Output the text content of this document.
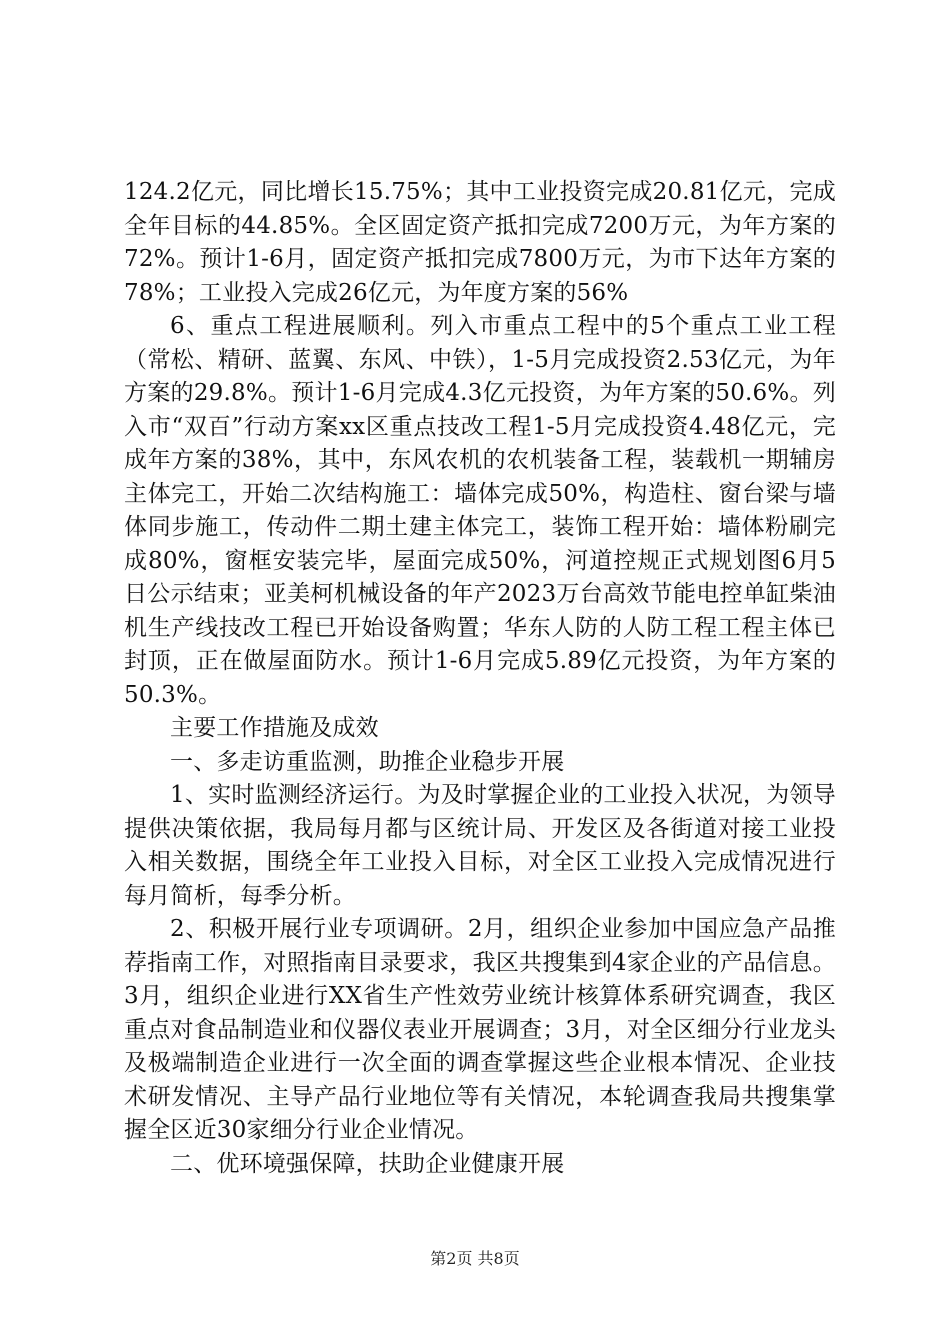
124.2亿元，同比增长15.75%；其中工业投资完成20.81亿元，完成全年目标的44.85%。全区固定资产抵扣完成7200万元，为年方案的72%。预计1-6月，固定资产抵扣完成7800万元，为市下达年方案的78%；工业投入完成26亿元，为年度方案的56%

6、重点工程进展顺利。列入市重点工程中的5个重点工业工程（常松、精研、蓝翼、东风、中铁），1-5月完成投资2.53亿元，为年方案的29.8%。预计1-6月完成4.3亿元投资，为年方案的50.6%。列入市“双百”行动方案xx区重点技改工程1-5月完成投资4.48亿元，完成年方案的38%，其中，东风农机的农机装备工程，装载机一期辅房主体完工，开始二次结构施工：墙体完成50%，构造柱、窗台梁与墙体同步施工，传动件二期土建主体完工，装饰工程开始：墙体粉刷完成80%，窗框安装完毕，屋面完成50%，河道控规正式规划图6月5日公示结束；亚美柯机械设备的年产2023万台高效节能电控单缸柴油机生产线技改工程已开始设备购置；华东人防的人防工程工程主体已封顶，正在做屋面防水。预计1-6月完成5.89亿元投资，为年方案的50.3%。

主要工作措施及成效

一、多走访重监测，助推企业稳步开展

1、实时监测经济运行。为及时掌握企业的工业投入状况，为领导提供决策依据，我局每月都与区统计局、开发区及各街道对接工业投入相关数据，围绕全年工业投入目标，对全区工业投入完成情况进行每月简析，每季分析。

2、积极开展行业专项调研。2月，组织企业参加中国应急产品推荐指南工作，对照指南目录要求，我区共搜集到4家企业的产品信息。3月，组织企业进行XX省生产性效劳业统计核算体系研究调查，我区重点对食品制造业和仪器仪表业开展调查；3月，对全区细分行业龙头及极端制造企业进行一次全面的调查掌握这些企业根本情况、企业技术研发情况、主导产品行业地位等有关情况，本轮调查我局共搜集掌握全区近30家细分行业企业情况。

二、优环境强保障，扶助企业健康开展

第2页 共8页
